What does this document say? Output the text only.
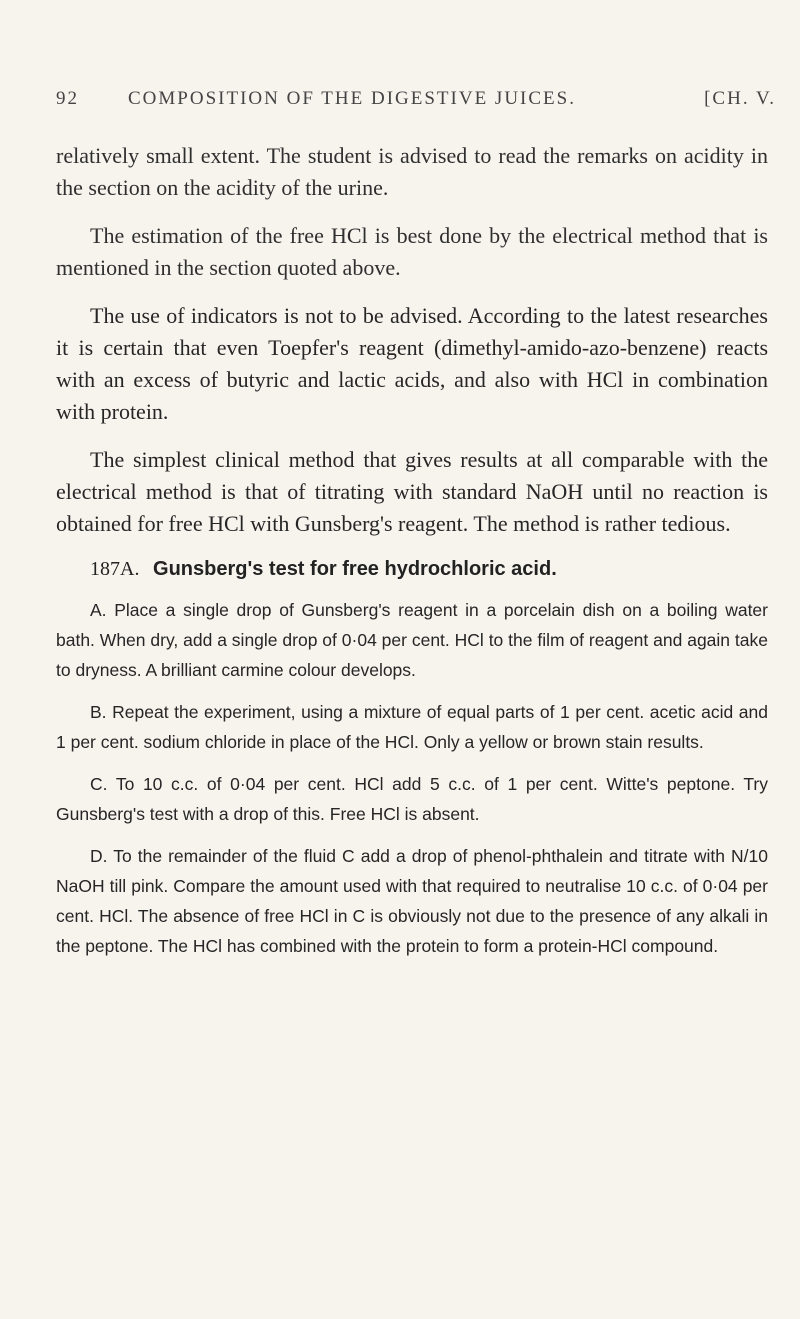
92	COMPOSITION OF THE DIGESTIVE JUICES.	[CH. V.

relatively small extent. The student is advised to read the remarks on acidity in the section on the acidity of the urine.

The estimation of the free HCl is best done by the electrical method that is mentioned in the section quoted above.

The use of indicators is not to be advised. According to the latest researches it is certain that even Toepfer's reagent (dimethyl-amido-azo-benzene) reacts with an excess of butyric and lactic acids, and also with HCl in combination with protein.

The simplest clinical method that gives results at all comparable with the electrical method is that of titrating with standard NaOH until no reaction is obtained for free HCl with Gunsberg's reagent. The method is rather tedious.

187A. Gunsberg's test for free hydrochloric acid.

A. Place a single drop of Gunsberg's reagent in a porcelain dish on a boiling water bath. When dry, add a single drop of 0·04 per cent. HCl to the film of reagent and again take to dryness. A brilliant carmine colour develops.

B. Repeat the experiment, using a mixture of equal parts of 1 per cent. acetic acid and 1 per cent. sodium chloride in place of the HCl. Only a yellow or brown stain results.

C. To 10 c.c. of 0·04 per cent. HCl add 5 c.c. of 1 per cent. Witte's peptone. Try Gunsberg's test with a drop of this. Free HCl is absent.

D. To the remainder of the fluid C add a drop of phenol-phthalein and titrate with N/10 NaOH till pink. Compare the amount used with that required to neutralise 10 c.c. of 0·04 per cent. HCl. The absence of free HCl in C is obviously not due to the presence of any alkali in the peptone. The HCl has combined with the protein to form a protein-HCl compound.
